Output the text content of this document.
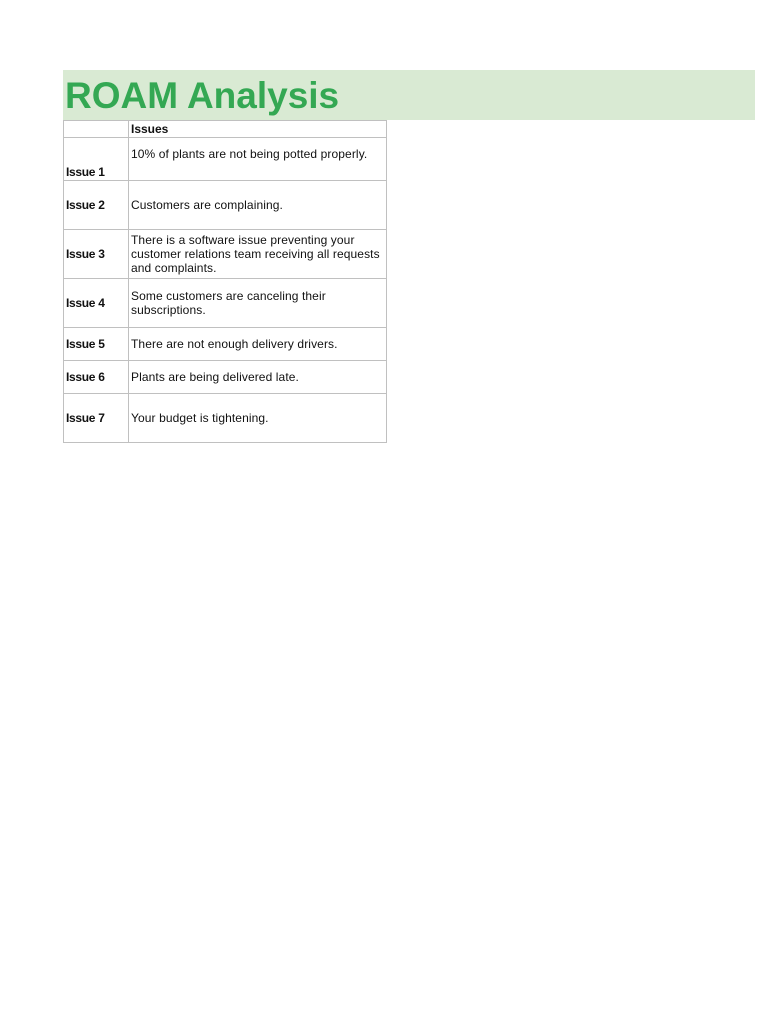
ROAM Analysis
	Issues
Issue 1	10% of plants are not being potted properly.
Issue 2	Customers are complaining.
Issue 3	There is a software issue preventing your customer relations team receiving all requests and complaints.
Issue 4	Some customers are canceling their subscriptions.
Issue 5	There are not enough delivery drivers.
Issue 6	Plants are being delivered late.
Issue 7	Your budget is tightening.
